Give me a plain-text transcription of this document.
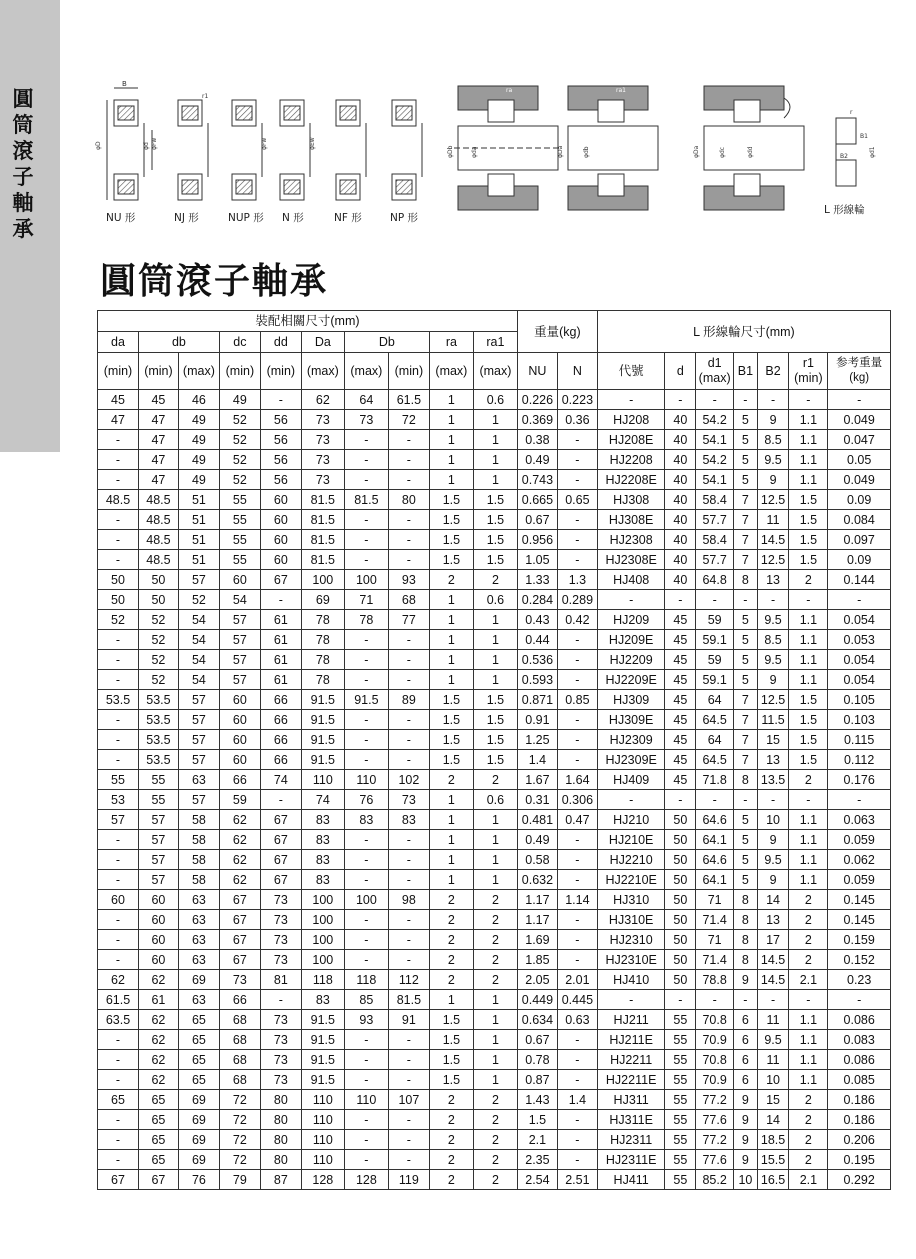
圓
筒
滾
子
軸
承
B
φD	φd φFw
r1
φFw	φEw
φDb	φda
ra
φDa	φdb
ra1
φDa	φdc	φdd
B1
B2	φd1
r
NU 形	NJ 形	NUP 形 N 形	NF 形	NP 形
L 形線輪
圓筒滾子軸承
裝配相關尺寸(mm)										重量(kg)		L 形線輪尺寸(mm)						
da	db		dc	dd	Da	Db		ra	ra1									
(min)	(min)	(max)	(min)	(min)	(max)	(max)	(min)	(max)	(max)	NU	N	代號	d	d1
(max)	B1	B2	r1
(min)	参考重量
(kg)
45	45	46	49	-	62	64	61.5	1	0.6	0.226	0.223	-	-	-	-	-	-	-
47	47	49	52	56	73	73	72	1	1	0.369	0.36	HJ208	40	54.2	5	9	1.1	0.049
-	47	49	52	56	73	-	-	1	1	0.38	-	HJ208E	40	54.1	5	8.5	1.1	0.047
-	47	49	52	56	73	-	-	1	1	0.49	-	HJ2208	40	54.2	5	9.5	1.1	0.05
-	47	49	52	56	73	-	-	1	1	0.743	-	HJ2208E	40	54.1	5	9	1.1	0.049
48.5	48.5	51	55	60	81.5	81.5	80	1.5	1.5	0.665	0.65	HJ308	40	58.4	7	12.5	1.5	0.09
-	48.5	51	55	60	81.5	-	-	1.5	1.5	0.67	-	HJ308E	40	57.7	7	11	1.5	0.084
-	48.5	51	55	60	81.5	-	-	1.5	1.5	0.956	-	HJ2308	40	58.4	7	14.5	1.5	0.097
-	48.5	51	55	60	81.5	-	-	1.5	1.5	1.05	-	HJ2308E	40	57.7	7	12.5	1.5	0.09
50	50	57	60	67	100	100	93	2	2	1.33	1.3	HJ408	40	64.8	8	13	2	0.144
50	50	52	54	-	69	71	68	1	0.6	0.284	0.289	-	-	-	-	-	-	-
52	52	54	57	61	78	78	77	1	1	0.43	0.42	HJ209	45	59	5	9.5	1.1	0.054
-	52	54	57	61	78	-	-	1	1	0.44	-	HJ209E	45	59.1	5	8.5	1.1	0.053
-	52	54	57	61	78	-	-	1	1	0.536	-	HJ2209	45	59	5	9.5	1.1	0.054
-	52	54	57	61	78	-	-	1	1	0.593	-	HJ2209E	45	59.1	5	9	1.1	0.054
53.5	53.5	57	60	66	91.5	91.5	89	1.5	1.5	0.871	0.85	HJ309	45	64	7	12.5	1.5	0.105
-	53.5	57	60	66	91.5	-	-	1.5	1.5	0.91	-	HJ309E	45	64.5	7	11.5	1.5	0.103
-	53.5	57	60	66	91.5	-	-	1.5	1.5	1.25	-	HJ2309	45	64	7	15	1.5	0.115
-	53.5	57	60	66	91.5	-	-	1.5	1.5	1.4	-	HJ2309E	45	64.5	7	13	1.5	0.112
55	55	63	66	74	110	110	102	2	2	1.67	1.64	HJ409	45	71.8	8	13.5	2	0.176
53	55	57	59	-	74	76	73	1	0.6	0.31	0.306	-	-	-	-	-	-	-
57	57	58	62	67	83	83	83	1	1	0.481	0.47	HJ210	50	64.6	5	10	1.1	0.063
-	57	58	62	67	83	-	-	1	1	0.49	-	HJ210E	50	64.1	5	9	1.1	0.059
-	57	58	62	67	83	-	-	1	1	0.58	-	HJ2210	50	64.6	5	9.5	1.1	0.062
-	57	58	62	67	83	-	-	1	1	0.632	-	HJ2210E	50	64.1	5	9	1.1	0.059
60	60	63	67	73	100	100	98	2	2	1.17	1.14	HJ310	50	71	8	14	2	0.145
-	60	63	67	73	100	-	-	2	2	1.17	-	HJ310E	50	71.4	8	13	2	0.145
-	60	63	67	73	100	-	-	2	2	1.69	-	HJ2310	50	71	8	17	2	0.159
-	60	63	67	73	100	-	-	2	2	1.85	-	HJ2310E	50	71.4	8	14.5	2	0.152
62	62	69	73	81	118	118	112	2	2	2.05	2.01	HJ410	50	78.8	9	14.5	2.1	0.23
61.5	61	63	66	-	83	85	81.5	1	1	0.449	0.445	-	-	-	-	-	-	-
63.5	62	65	68	73	91.5	93	91	1.5	1	0.634	0.63	HJ211	55	70.8	6	11	1.1	0.086
-	62	65	68	73	91.5	-	-	1.5	1	0.67	-	HJ211E	55	70.9	6	9.5	1.1	0.083
-	62	65	68	73	91.5	-	-	1.5	1	0.78	-	HJ2211	55	70.8	6	11	1.1	0.086
-	62	65	68	73	91.5	-	-	1.5	1	0.87	-	HJ2211E	55	70.9	6	10	1.1	0.085
65	65	69	72	80	110	110	107	2	2	1.43	1.4	HJ311	55	77.2	9	15	2	0.186
-	65	69	72	80	110	-	-	2	2	1.5	-	HJ311E	55	77.6	9	14	2	0.186
-	65	69	72	80	110	-	-	2	2	2.1	-	HJ2311	55	77.2	9	18.5	2	0.206
-	65	69	72	80	110	-	-	2	2	2.35	-	HJ2311E	55	77.6	9	15.5	2	0.195
67	67	76	79	87	128	128	119	2	2	2.54	2.51	HJ411	55	85.2	10	16.5	2.1	0.292
